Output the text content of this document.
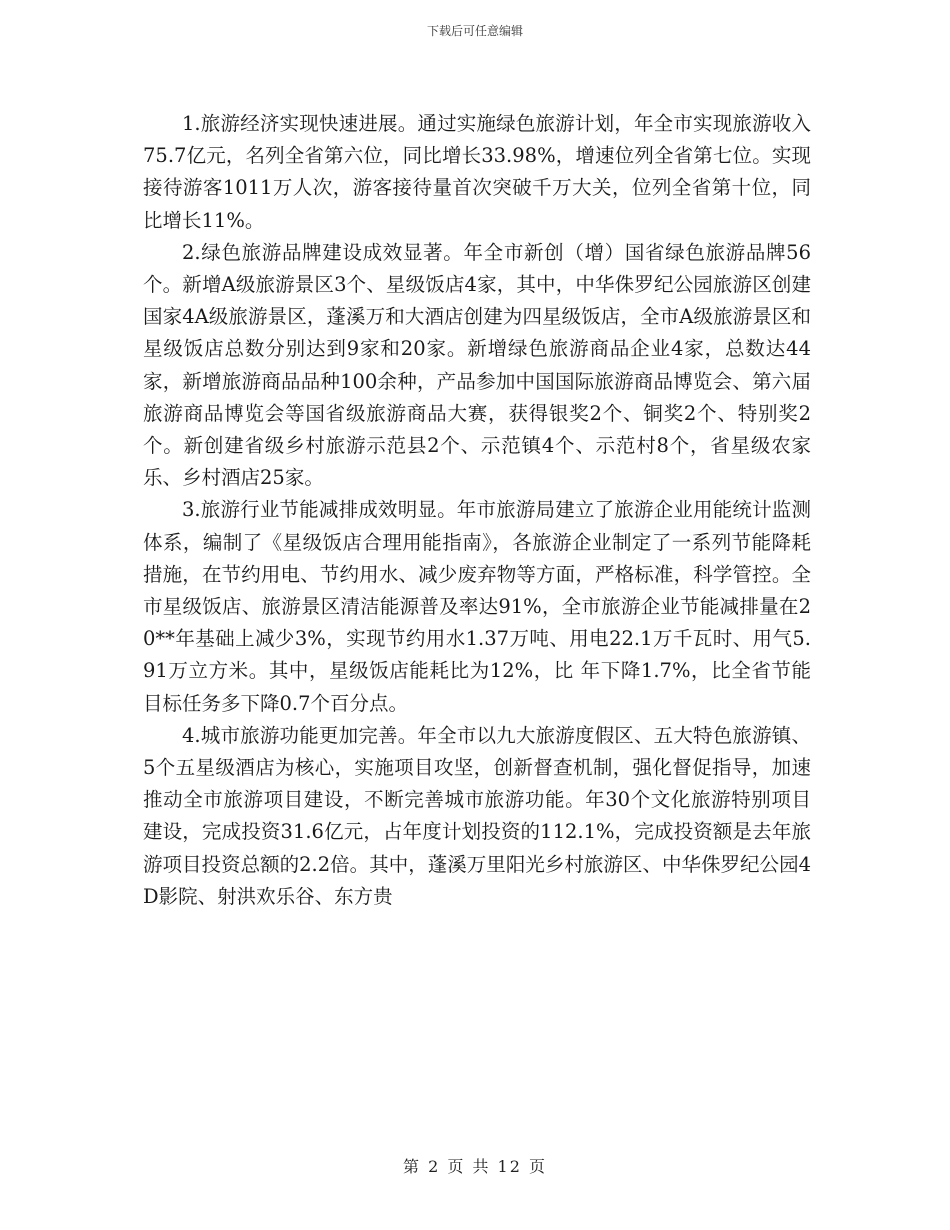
下载后可任意编辑

1.旅游经济实现快速进展。通过实施绿色旅游计划，年全市实现旅游收入75.7亿元，名列全省第六位，同比增长33.98%，增速位列全省第七位。实现接待游客1011万人次，游客接待量首次突破千万大关，位列全省第十位，同比增长11%。

2.绿色旅游品牌建设成效显著。年全市新创（增）国省绿色旅游品牌56个。新增A级旅游景区3个、星级饭店4家，其中，中华侏罗纪公园旅游区创建国家4A级旅游景区，蓬溪万和大酒店创建为四星级饭店，全市A级旅游景区和星级饭店总数分别达到9家和20家。新增绿色旅游商品企业4家，总数达44家，新增旅游商品品种100余种，产品参加中国国际旅游商品博览会、第六届 旅游商品博览会等国省级旅游商品大赛，获得银奖2个、铜奖2个、特别奖2个。新创建省级乡村旅游示范县2个、示范镇4个、示范村8个，省星级农家乐、乡村酒店25家。

3.旅游行业节能减排成效明显。年市旅游局建立了旅游企业用能统计监测体系，编制了《星级饭店合理用能指南》，各旅游企业制定了一系列节能降耗措施，在节约用电、节约用水、减少废弃物等方面，严格标准，科学管控。全市星级饭店、旅游景区清洁能源普及率达91%，全市旅游企业节能减排量在20**年基础上减少3%，实现节约用水1.37万吨、用电22.1万千瓦时、用气5.91万立方米。其中，星级饭店能耗比为12%，比 年下降1.7%，比全省节能目标任务多下降0.7个百分点。

4.城市旅游功能更加完善。年全市以九大旅游度假区、五大特色旅游镇、5个五星级酒店为核心，实施项目攻坚，创新督查机制，强化督促指导，加速推动全市旅游项目建设，不断完善城市旅游功能。年30个文化旅游特别项目建设，完成投资31.6亿元，占年度计划投资的112.1%，完成投资额是去年旅游项目投资总额的2.2倍。其中，蓬溪万里阳光乡村旅游区、中华侏罗纪公园4D影院、射洪欢乐谷、东方贵

第 2 页 共 12 页
